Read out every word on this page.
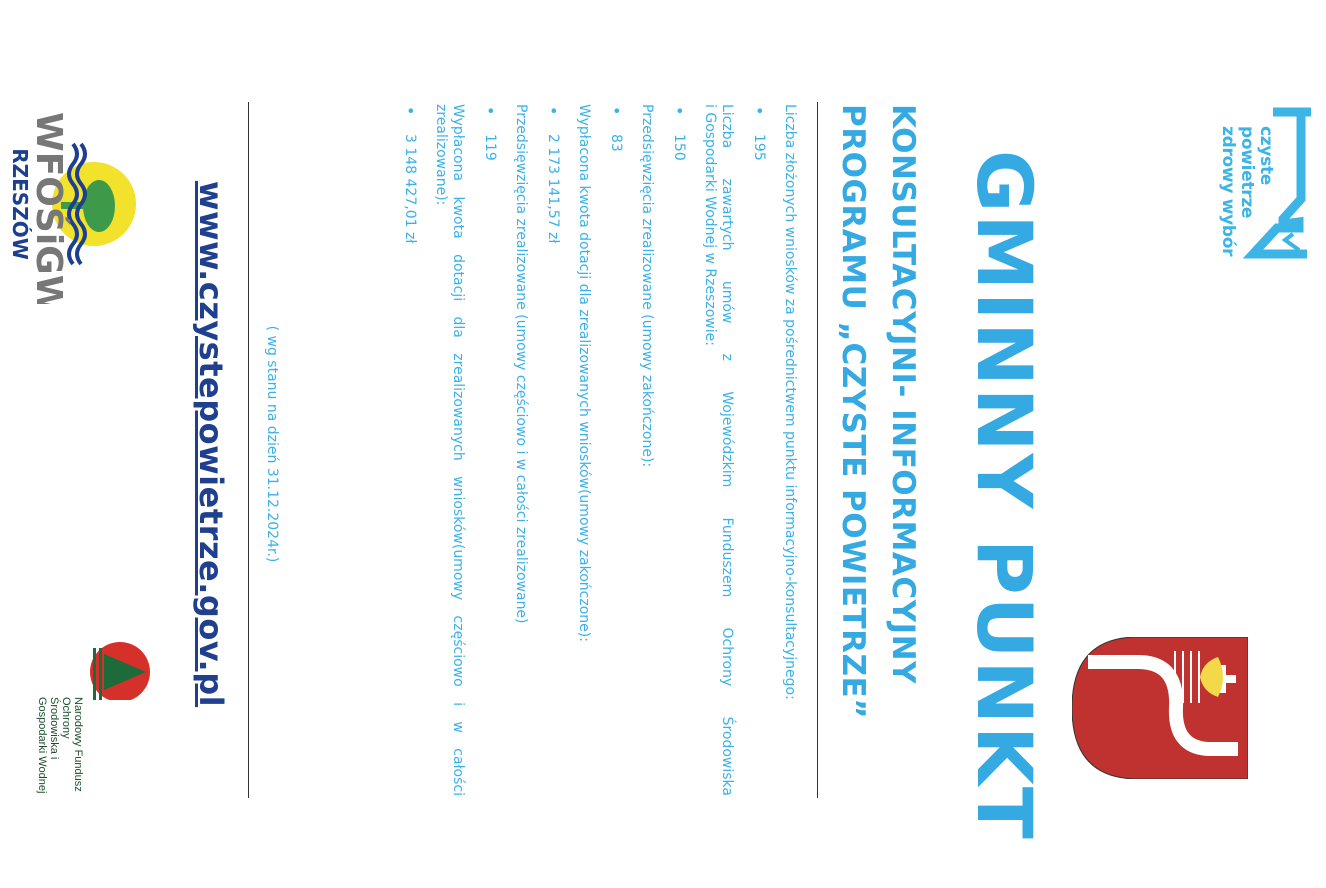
czyste powietrze
zdrowy wybór
GMINNY PUNKT
KONSULTACYJNI- INFORMACYJNY
PROGRAMU „CZYSTE POWIETRZE”

Liczba złożonych wniosków za pośrednictwem punktu informacyjno-konsultacyjnego:

• 195

Liczba zawartych umów z Wojewódzkim Funduszem Ochrony Środowiska

i Gospodarki Wodnej w Rzeszowie:

• 150

Przedsięwzięcia zrealizowane (umowy zakończone):

• 83

Wypłacona kwota dotacji dla zrealizowanych wniosków(umowy zakończone):

• 2 173 141,57 zł

Przedsięwzięcia zrealizowane (umowy częściowo i w całości zrealizowane)

• 119

Wypłacona kwota dotacji dla zrealizowanych wniosków(umowy częściowo i w całości

zrealizowane):

• 3 148 427,01 zł
( wg stanu na dzień 31.12.2024r.)

www.czystepowietrze.gov.pl

WFOŚiGW
RZESZÓW

Narodowy Fundusz Ochrony Środowiska i Gospodarki Wodnej
